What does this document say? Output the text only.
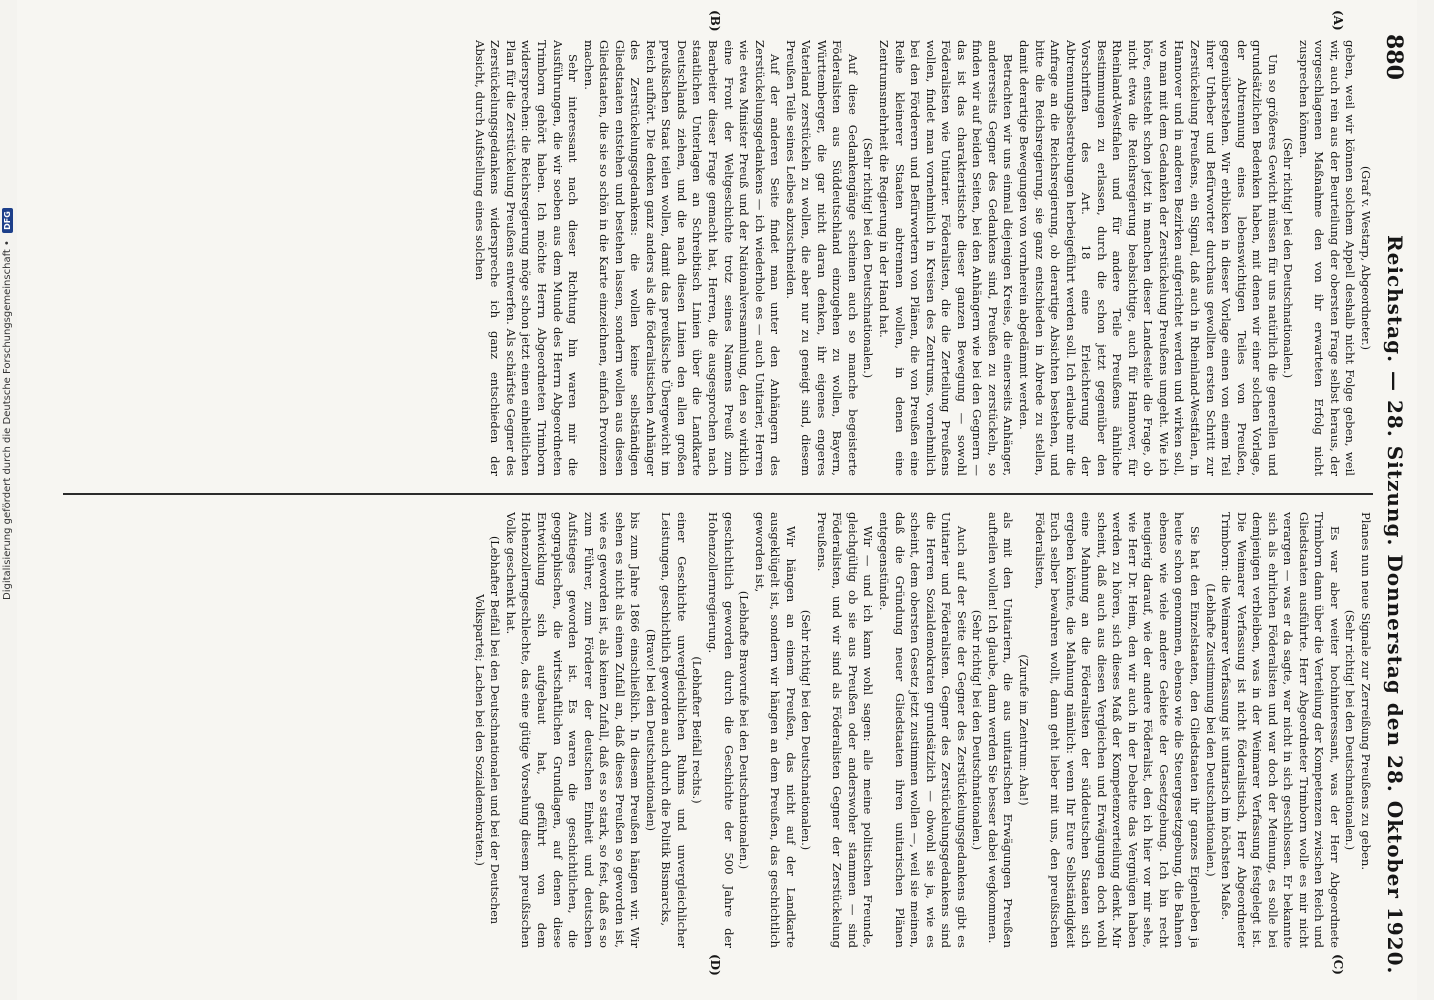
880
Reichstag. — 28. Sitzung. Donnerstag den 28. Oktober 1920.
(A)
(B)
(C)
(D)

(Graf v. Westarp, Abgeordneter.)

geben, weil wir können solchem Appell deshalb nicht Folge geben, weil wir, auch rein aus der Beurteilung der obersten Frage selbst heraus, der vorgeschlagenen Maßnahme den von ihr erwarteten Erfolg nicht zusprechen können.

(Sehr richtig! bei den Deutschnationalen.)

Um so größeres Gewicht müssen für uns natürlich die generellen und grundsätzlichen Bedenken haben, mit denen wir einer solchen Vorlage, der Abtrennung eines lebenswichtigen Teiles von Preußen, gegenüberstehen. Wir erblicken in dieser Vorlage einen von einem Teil ihrer Urheber und Befürworter durchaus gewollten ersten Schritt zur Zerstückelung Preußens, ein Signal, daß auch in Rheinland-Westfalen, in Hannover und in anderen Bezirken aufgerichtet werden und wirken soll, wo man mit dem Gedanken der Zerstückelung Preußens umgeht. Wie ich höre, entsteht schon jetzt in manchen dieser Landesteile die Frage, ob nicht etwa die Reichsregierung beabsichtige, auch für Hannover, für Rheinland-Westfalen und für andere Teile Preußens ähnliche Bestimmungen zu erlassen, durch die schon jetzt gegenüber den Vorschriften des Art. 18 eine Erleichterung der Abtrennungsbestrebungen herbeigeführt werden soll. Ich erlaube mir die Anfrage an die Reichsregierung, ob derartige Absichten bestehen, und bitte die Reichsregierung, sie ganz entschieden in Abrede zu stellen, damit derartige Bewegungen von vornherein abgedämmt werden.

Betrachten wir uns einmal diejenigen Kreise, die einerseits Anhänger, andererseits Gegner des Gedankens sind, Preußen zu zerstückeln, so finden wir auf beiden Seiten, bei den Anhängern wie bei den Gegnern — das ist das charakteristische dieser ganzen Bewegung — sowohl Föderalisten wie Unitarier. Föderalisten, die die Zerteilung Preußens wollen, findet man vornehmlich in Kreisen des Zentrums, vornehmlich bei den Förderern und Befürwortern von Plänen, die von Preußen eine Reihe kleinerer Staaten abtrennen wollen, in denen eine Zentrumsmehrheit die Regierung in der Hand hat.

(Sehr richtig! bei den Deutschnationalen.)

Auf diese Gedankengänge scheinen auch so manche begeisterte Föderalisten aus Süddeutschland einzugehen zu wollen, Bayern, Württemberger, die gar nicht daran denken, ihr eigenes engeres Vaterland zerstückeln zu wollen, die aber nur zu geneigt sind, diesem Preußen Teile seines Leibes abzuschneiden.

Auf der anderen Seite findet man unter den Anhängern des Zerstückelungsgedankens — ich wiederhole es — auch Unitarier, Herren wie etwa Minister Preuß und der Nationalversammlung, den so wirklich eine Front der Weltgeschichte trotz seines Namens Preuß zum Bearbeiter dieser Frage gemacht hat, Herren, die ausgesprochen nach staatlichen Unterlagen an Schreibtisch Linien über die Landkarte Deutschlands ziehen, und die nach diesen Linien den allen großen preußischen Staat teilen wollen, damit das preußische Übergewicht im Reich aufhört. Die denken ganz anders als die föderalistischen Anhänger des Zerstückelungsgedankens: die wollen keine selbständigen Gliedstaaten entstehen und bestehen lassen, sondern wollen aus diesen Gliedstaaten, die sie so schön in die Karte einzeichnen, einfach Provinzen machen.

Sehr interessant nach dieser Richtung hin waren mir die Ausführungen, die wir soeben aus dem Munde des Herrn Abgeordneten Trimborn gehört haben. Ich möchte Herrn Abgeordneten Trimborn widersprechen: die Reichsregierung möge schon jetzt einen einheitlichen Plan für die Zerstückelung Preußens entwerfen. Als schärfste Gegner des Zerstückelungsgedankens widerspreche ich ganz entschieden der Absicht, durch Aufstellung eines solchen

Planes nun neue Signale zur Zerreißung Preußens zu geben.

(Sehr richtig! bei den Deutschnationalen.)

Es war aber weiter hochinteressant, was der Herr Abgeordnete Trimborn dann über die Verteilung der Kompetenzen zwischen Reich und Gliedstaaten ausführte. Herr Abgeordneter Trimborn wolle es mir nicht verargen — was er da sagte, war nicht in sich geschlossen. Er bekannte sich als ehrlichen Föderalisten und war doch der Meinung, es solle bei demjenigen verbleiben, was in der Weimarer Verfassung festgelegt ist. Die Weimarer Verfassung ist nicht föderalistisch, Herr Abgeordneter Trimborn: die Weimarer Verfassung ist unitarisch im höchsten Maße.

(Lebhafte Zustimmung bei den Deutschnationalen.)

Sie hat den Einzelstaaten, den Gliedstaaten ihr ganzes Eigenleben ja heute schon genommen, ebenso wie die Steuergesetzgebung, die Bahnen ebenso wie viele andere Gebiete der Gesetzgebung. Ich bin recht neugierig darauf, wie der andere Föderalist, den ich hier vor mir sehe, wie Herr Dr. Heim, den wir auch in der Debatte das Vergnügen haben werden zu hören, sich dieses Maß der Kompetenzverteilung denkt. Mir scheint, daß auch aus diesen Vergleichen und Erwägungen doch wohl eine Mahnung an die Föderalisten der süddeutschen Staaten sich ergeben könnte, die Mahnung nämlich: wenn Ihr Eure Selbständigkeit Euch selber bewahren wollt, dann geht lieber mit uns, den preußischen Föderalisten,

(Zurufe im Zentrum: Aha!)

als mit den Unitariern, die aus unitarischen Erwägungen Preußen aufteilen wollen! Ich glaube, dann werden Sie besser dabei wegkommen.

(Sehr richtig! bei den Deutschnationalen.)

Auch auf der Seite der Gegner des Zerstückelungsgedankens gibt es Unitarier und Föderalisten. Gegner des Zerstückelungsgedankens sind die Herren Sozialdemokraten grundsätzlich — obwohl sie ja, wie es scheint, dem obersten Gesetz jetzt zustimmen wollen —, weil sie meinen, daß die Gründung neuer Gliedstaaten ihren unitarischen Plänen entgegenstünde.

Wir — und ich kann wohl sagen: alle meine politischen Freunde, gleichgültig ob sie aus Preußen oder anderswoher stammen — sind Föderalisten, und wir sind als Föderalisten Gegner der Zerstückelung Preußens.

(Sehr richtig! bei den Deutschnationalen.)

Wir hängen an einem Preußen, das nicht auf der Landkarte ausgeklügelt ist, sondern wir hängen an dem Preußen, das geschichtlich geworden ist,

(Lebhafte Bravorufe bei den Deutschnationalen.)

geschichtlich geworden durch die Geschichte der 500 Jahre der Hohenzollernregierung.

(Lebhafter Beifall rechts.)

einer Geschichte unvergleichlichen Ruhms und unvergleichlicher Leistungen, geschichtlich geworden auch durch die Politik Bismarcks,

(Bravo! bei den Deutschnationalen)

bis zum Jahre 1866 einschließlich. In diesem Preußen hängen wir. Wir sehen es nicht als einen Zufall an, daß dieses Preußen so geworden ist, wie es geworden ist, als keinen Zufall, daß es so stark, so fest, daß es so zum Führer, zum Förderer der deutschen Einheit und deutschen Aufstieges geworden ist. Es waren die geschichtlichen, die geographischen, die wirtschaftlichen Grundlagen, auf denen diese Entwicklung sich aufgebaut hat, geführt von dem Hohenzollerngeschlechte, das eine gütige Vorsehung diesem preußischen Volke geschenkt hat.

(Lebhafter Beifall bei den Deutschnationalen und bei der Deutschen Volkspartei; Lachen bei den Sozialdemokraten.)

Digitalisierung gefördert durch die Deutsche Forschungsgemeinschaft • DFG
